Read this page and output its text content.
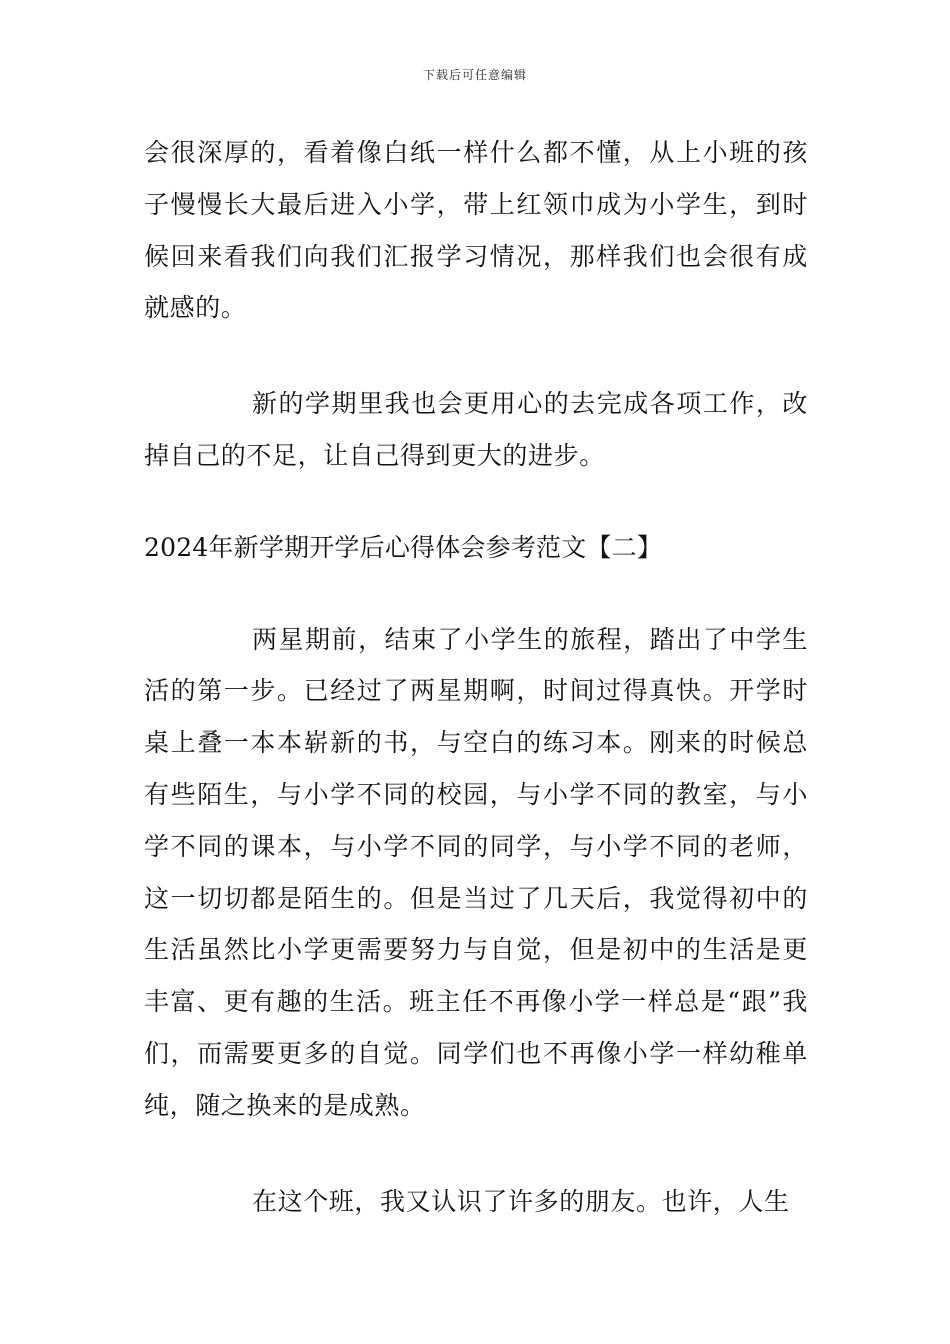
下载后可任意编辑

会很深厚的，看着像白纸一样什么都不懂，从上小班的孩子慢慢长大最后进入小学，带上红领巾成为小学生，到时候回来看我们向我们汇报学习情况，那样我们也会很有成就感的。

新的学期里我也会更用心的去完成各项工作，改掉自己的不足，让自己得到更大的进步。

2024年新学期开学后心得体会参考范文【二】

两星期前，结束了小学生的旅程，踏出了中学生活的第一步。已经过了两星期啊，时间过得真快。开学时桌上叠一本本崭新的书，与空白的练习本。刚来的时候总有些陌生，与小学不同的校园，与小学不同的教室，与小学不同的课本，与小学不同的同学，与小学不同的老师，这一切切都是陌生的。但是当过了几天后，我觉得初中的生活虽然比小学更需要努力与自觉，但是初中的生活是更丰富、更有趣的生活。班主任不再像小学一样总是“跟”我们，而需要更多的自觉。同学们也不再像小学一样幼稚单纯，随之换来的是成熟。

在这个班，我又认识了许多的朋友。也许，人生
